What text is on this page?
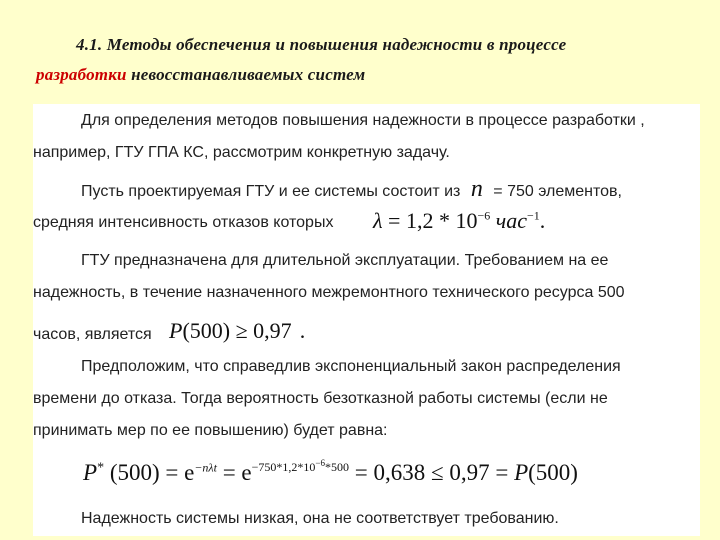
4.1. Методы обеспечения и повышения надежности в процессе
разработки невосстанавливаемых систем
Для определения методов повышения надежности в процессе разработки ,
например, ГТУ ГПА КС, рассмотрим конкретную задачу.
Пусть проектируемая ГТУ и ее системы состоит из n = 750 элементов,
средняя интенсивность отказов которых $\lambda = 1,2 * 10^{-6}$ час$^{-1}$.
ГТУ предназначена для длительной эксплуатации. Требованием на ее
надежность, в течение назначенного межремонтного технического ресурса 500
часов, является P(500) ≥ 0,97 .
Предположим, что справедлив экспоненциальный закон распределения
времени до отказа. Тогда вероятность безотказной работы системы (если не
принимать мер по ее повышению) будет равна:
P* $(500) = e^{-n\lambda t} = e^{-750*1,2*10^{-6}*500} = 0,638 \le 0,97 = P(500)$
Надежность системы низкая, она не соответствует требованию.
